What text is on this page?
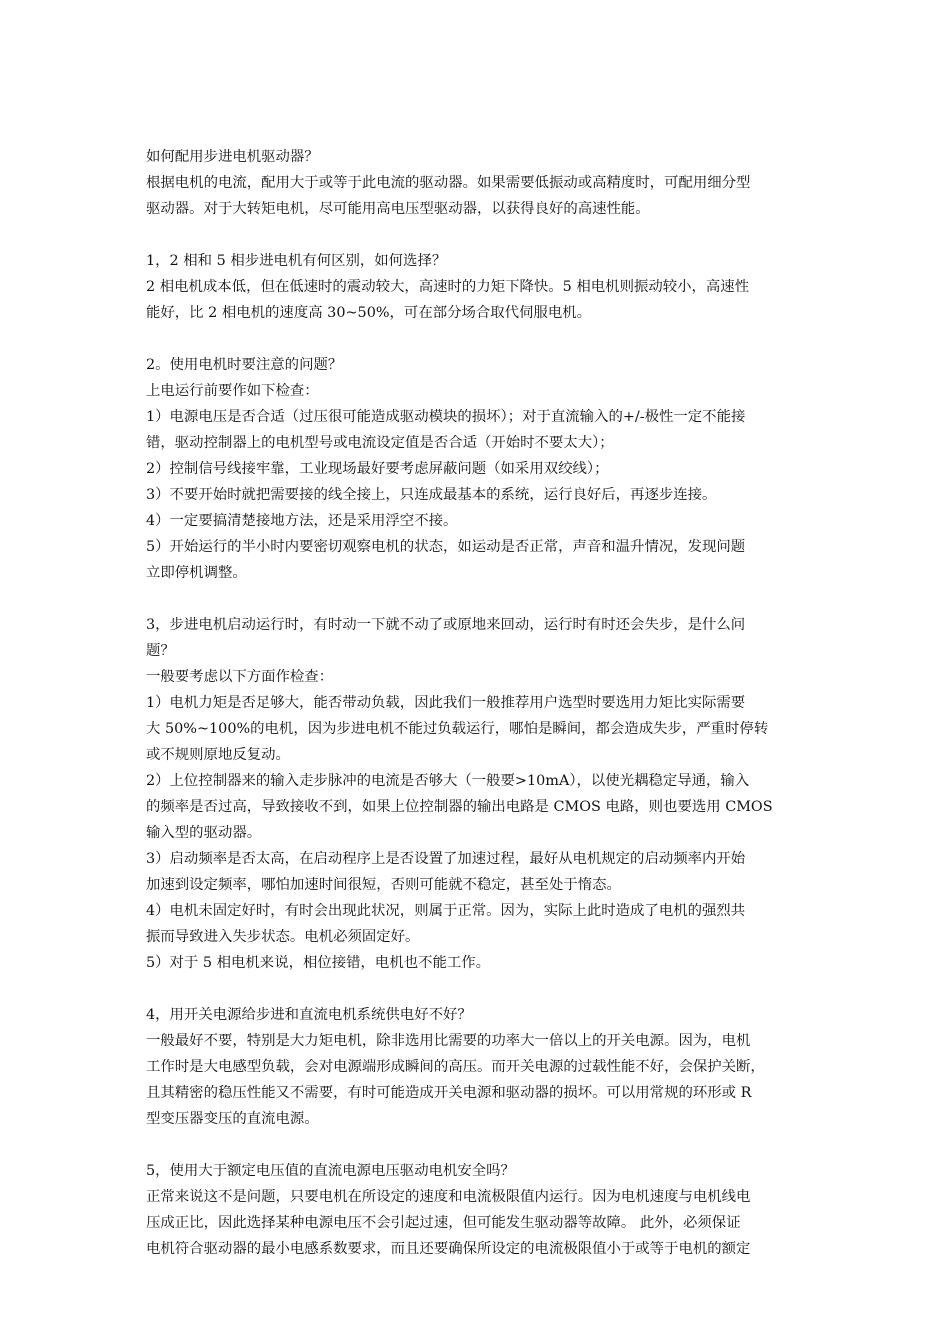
如何配用步进电机驱动器？
根据电机的电流，配用大于或等于此电流的驱动器。如果需要低振动或高精度时，可配用细分型
驱动器。对于大转矩电机，尽可能用高电压型驱动器，以获得良好的高速性能。
1，2 相和 5 相步进电机有何区别，如何选择？
2 相电机成本低，但在低速时的震动较大，高速时的力矩下降快。5 相电机则振动较小，高速性
能好，比 2 相电机的速度高 30~50%，可在部分场合取代伺服电机。
2。使用电机时要注意的问题？
上电运行前要作如下检查：
1）电源电压是否合适（过压很可能造成驱动模块的损坏）；对于直流输入的+/-极性一定不能接
错，驱动控制器上的电机型号或电流设定值是否合适（开始时不要太大）；
2）控制信号线接牢靠，工业现场最好要考虑屏蔽问题（如采用双绞线）；
3）不要开始时就把需要接的线全接上，只连成最基本的系统，运行良好后，再逐步连接。
4）一定要搞清楚接地方法，还是采用浮空不接。
5）开始运行的半小时内要密切观察电机的状态，如运动是否正常，声音和温升情况，发现问题
立即停机调整。
3，步进电机启动运行时，有时动一下就不动了或原地来回动，运行时有时还会失步，是什么问
题？
一般要考虑以下方面作检查：
1）电机力矩是否足够大，能否带动负载，因此我们一般推荐用户选型时要选用力矩比实际需要
大 50%~100%的电机，因为步进电机不能过负载运行，哪怕是瞬间，都会造成失步，严重时停转
或不规则原地反复动。
2）上位控制器来的输入走步脉冲的电流是否够大（一般要>10mA），以使光耦稳定导通，输入
的频率是否过高，导致接收不到，如果上位控制器的输出电路是 CMOS 电路，则也要选用 CMOS
输入型的驱动器。
3）启动频率是否太高，在启动程序上是否设置了加速过程，最好从电机规定的启动频率内开始
加速到设定频率，哪怕加速时间很短，否则可能就不稳定，甚至处于惰态。
4）电机未固定好时，有时会出现此状况，则属于正常。因为，实际上此时造成了电机的强烈共
振而导致进入失步状态。电机必须固定好。
5）对于 5 相电机来说，相位接错，电机也不能工作。
4，用开关电源给步进和直流电机系统供电好不好？
一般最好不要，特别是大力矩电机，除非选用比需要的功率大一倍以上的开关电源。因为，电机
工作时是大电感型负载，会对电源端形成瞬间的高压。而开关电源的过载性能不好，会保护关断，
且其精密的稳压性能又不需要，有时可能造成开关电源和驱动器的损坏。可以用常规的环形或 R
型变压器变压的直流电源。
5，使用大于额定电压值的直流电源电压驱动电机安全吗？
正常来说这不是问题，只要电机在所设定的速度和电流极限值内运行。因为电机速度与电机线电
压成正比，因此选择某种电源电压不会引起过速，但可能发生驱动器等故障。 此外，必须保证
电机符合驱动器的最小电感系数要求，而且还要确保所设定的电流极限值小于或等于电机的额定
